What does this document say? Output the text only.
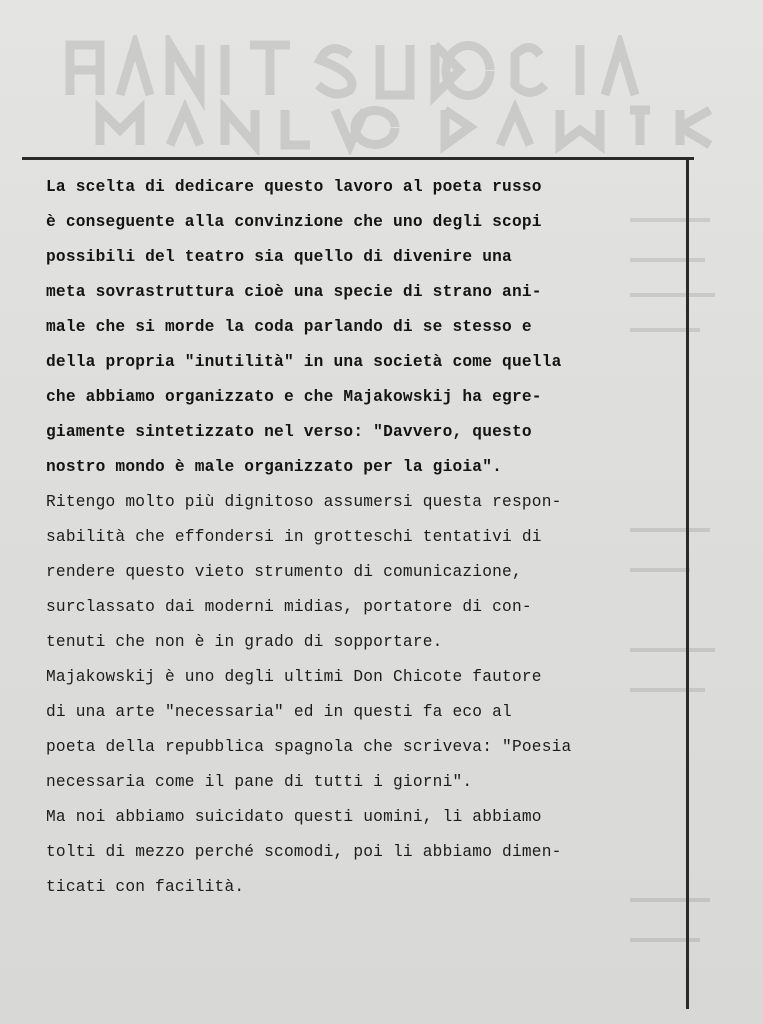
La scelta di dedicare questo lavoro al poeta russo
è conseguente alla convinzione che uno degli scopi
possibili del teatro sia quello di divenire una
meta sovrastruttura cioè una specie di strano ani-
male che si morde la coda parlando di se stesso e
della propria "inutilità" in una società come quella
che abbiamo organizzato e che Majakowskij ha egre-
giamente sintetizzato nel verso: "Davvero, questo
nostro mondo è male organizzato per la gioia".
Ritengo molto più dignitoso assumersi questa respon-
sabilità che effondersi in grotteschi tentativi di
rendere questo vieto strumento di comunicazione,
surclassato dai moderni midias, portatore di con-
tenuti che non è in grado di sopportare.
Majakowskij è uno degli ultimi Don Chicote fautore
di una arte "necessaria" ed in questi fa eco al
poeta della repubblica spagnola che scriveva: "Poesia
necessaria come il pane di tutti i giorni".
Ma noi abbiamo suicidato questi uomini, li abbiamo
tolti di mezzo perché scomodi, poi li abbiamo dimen-
ticati con facilità.
